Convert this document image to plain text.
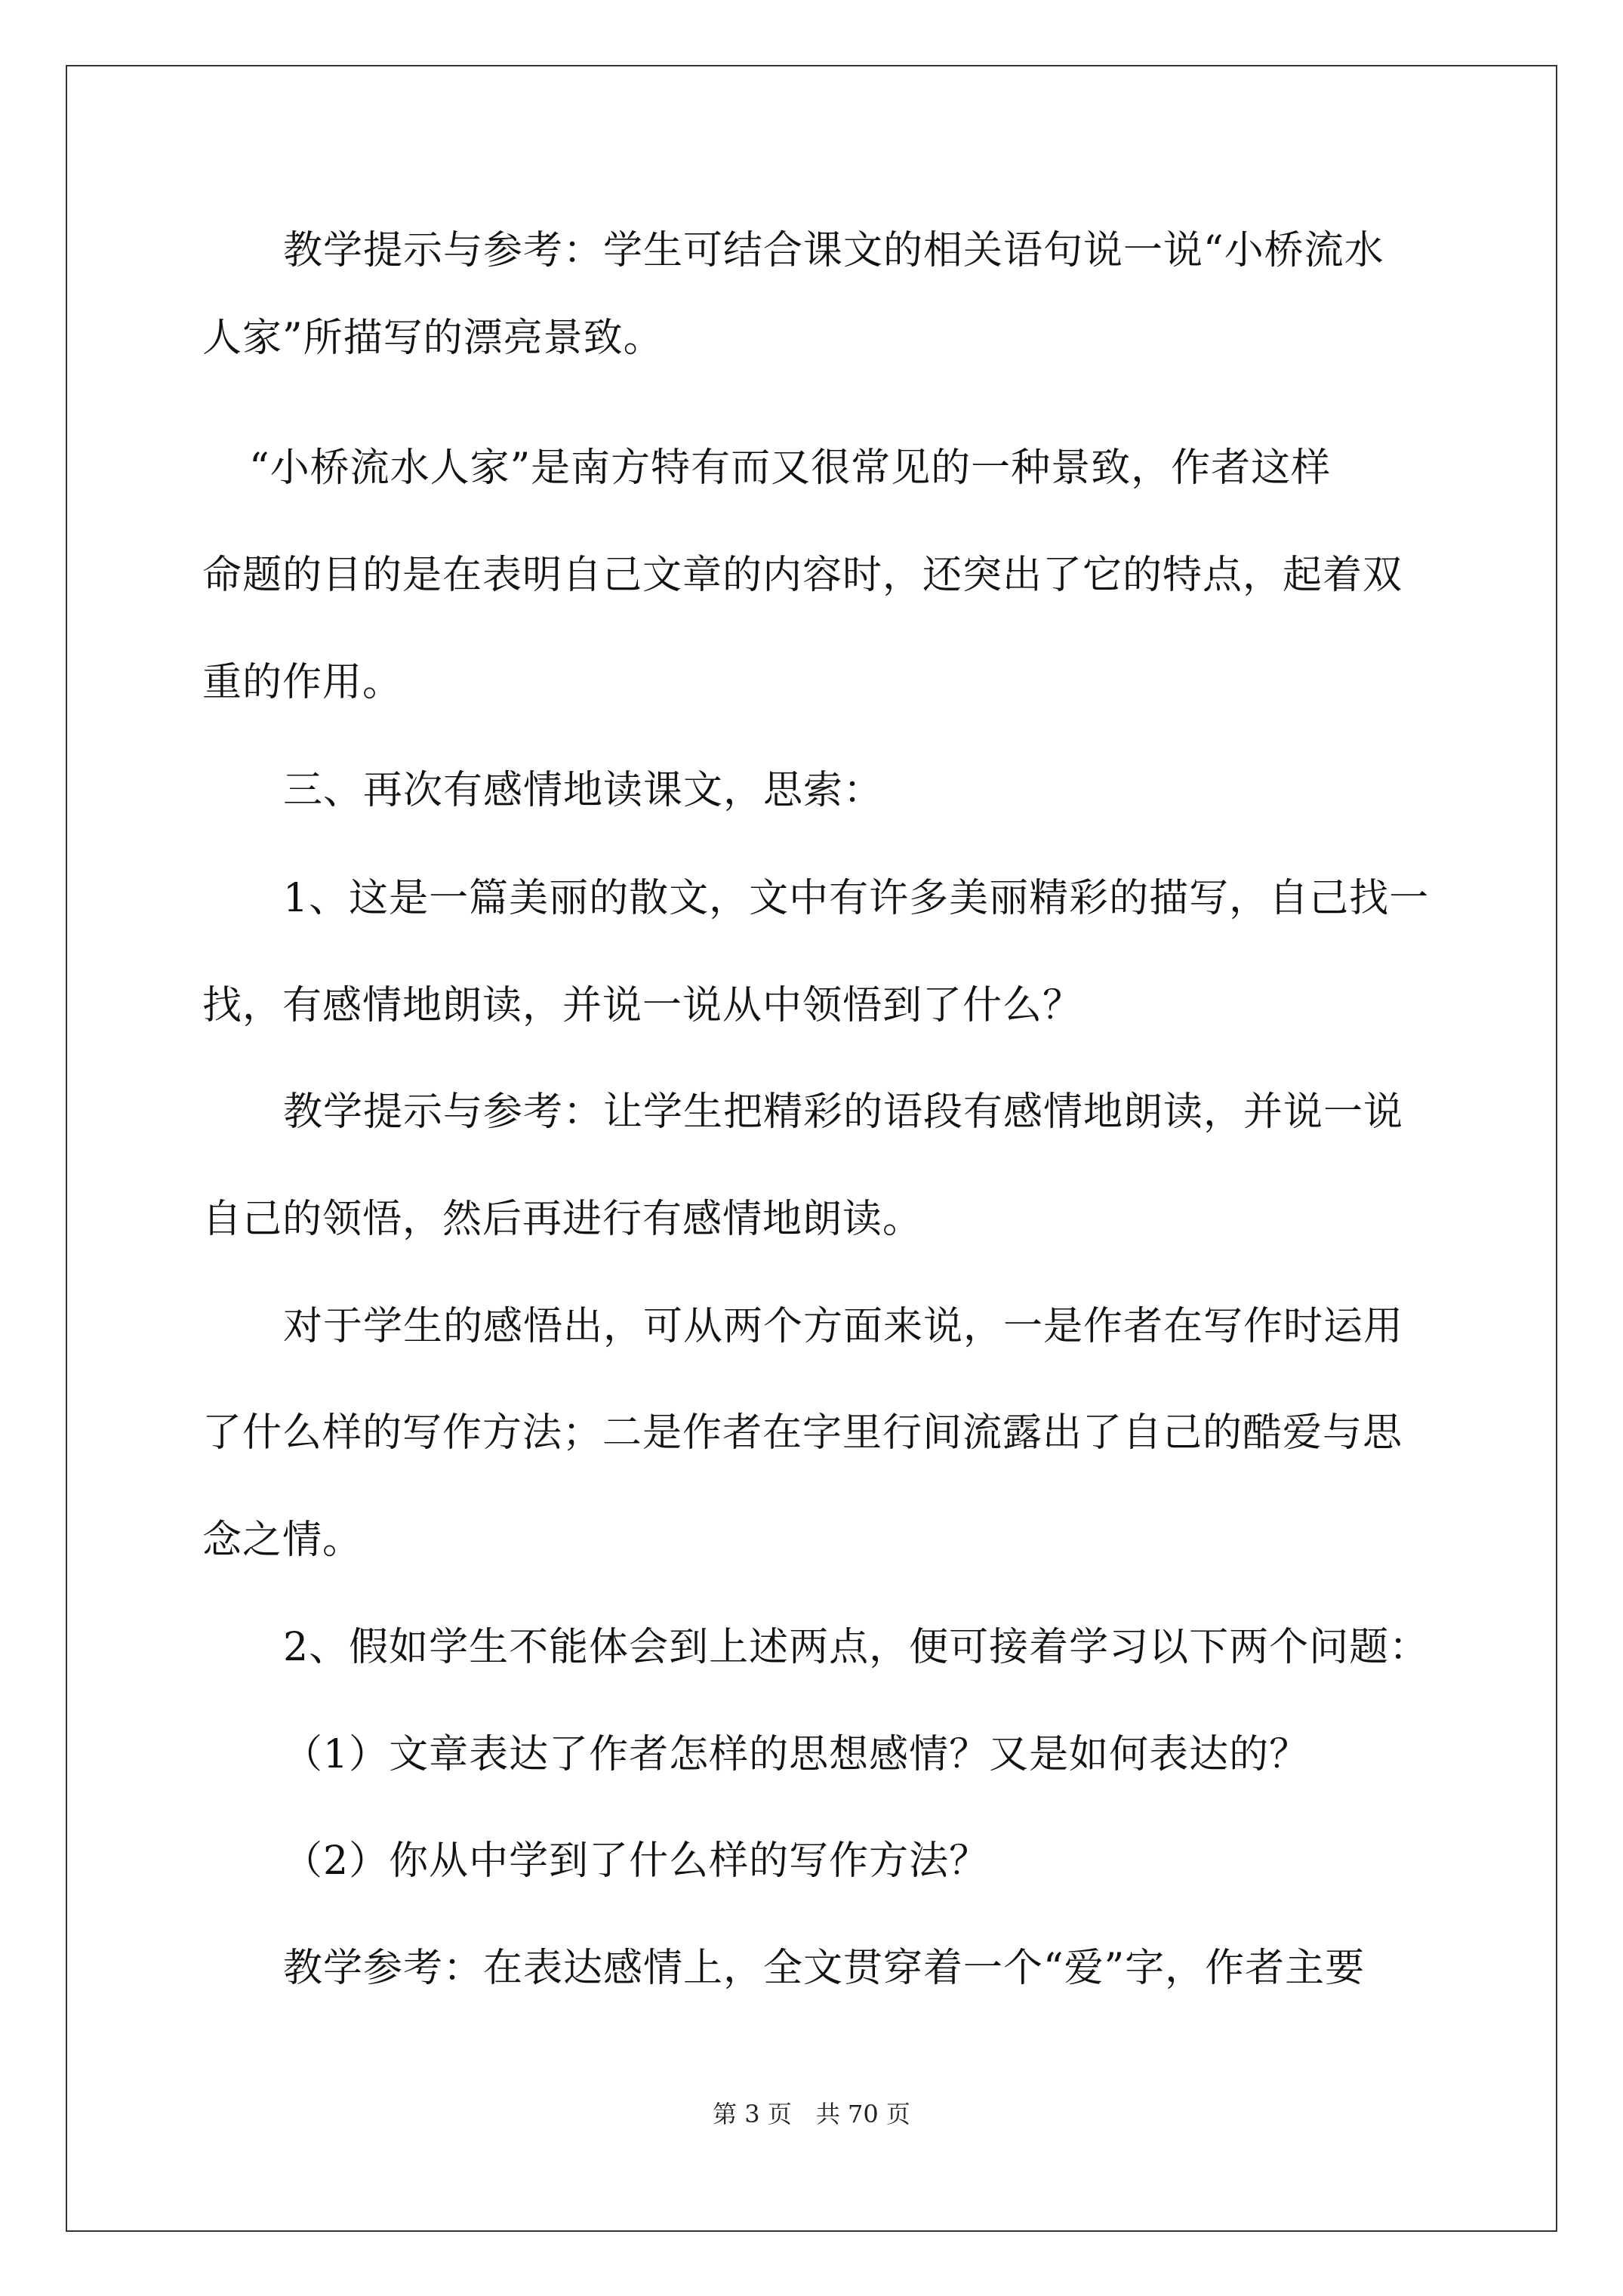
教学提示与参考：学生可结合课文的相关语句说一说“小桥流水
人家”所描写的漂亮景致。
“小桥流水人家”是南方特有而又很常见的一种景致，作者这样
命题的目的是在表明自己文章的内容时，还突出了它的特点，起着双
重的作用。
三、再次有感情地读课文，思索：
1、这是一篇美丽的散文，文中有许多美丽精彩的描写，自己找一
找，有感情地朗读，并说一说从中领悟到了什么？
教学提示与参考：让学生把精彩的语段有感情地朗读，并说一说
自己的领悟，然后再进行有感情地朗读。
对于学生的感悟出，可从两个方面来说，一是作者在写作时运用
了什么样的写作方法；二是作者在字里行间流露出了自己的酷爱与思
念之情。
2、假如学生不能体会到上述两点，便可接着学习以下两个问题：
（1）文章表达了作者怎样的思想感情？又是如何表达的？
（2）你从中学到了什么样的写作方法？
教学参考：在表达感情上，全文贯穿着一个“爱”字，作者主要
第 3 页　共 70 页
